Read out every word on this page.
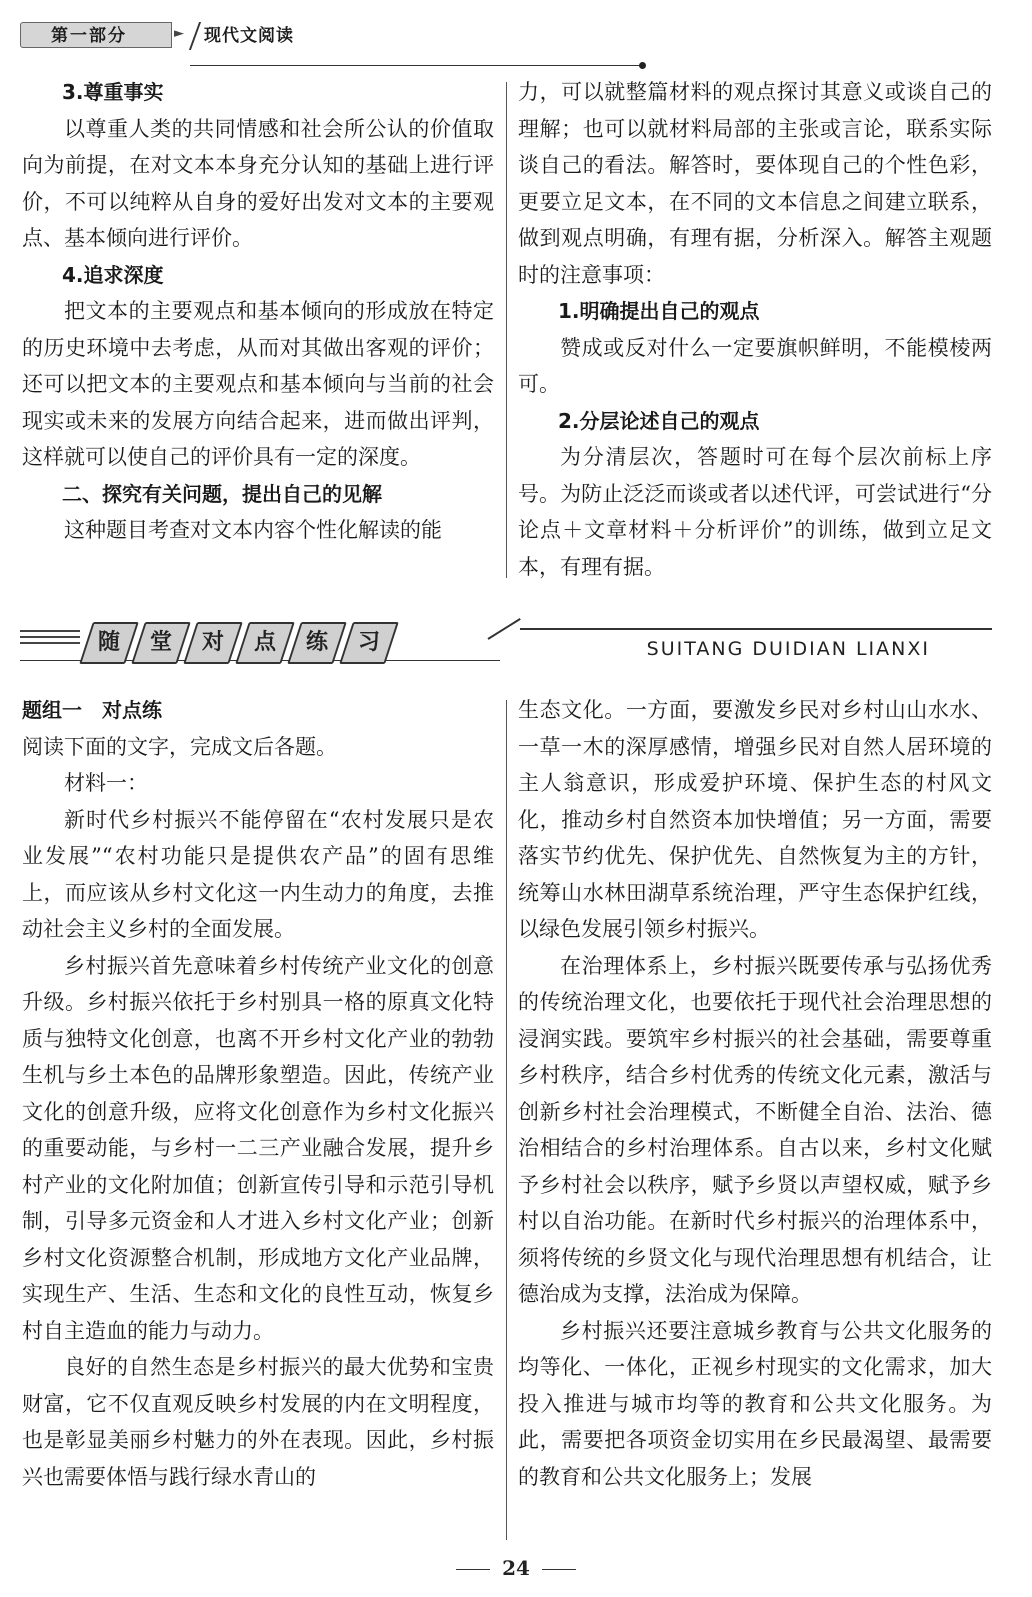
第一部分	► 现代文阅读

3.尊重事实

以尊重人类的共同情感和社会所公认的价值取向为前提，在对文本本身充分认知的基础上进行评价，不可以纯粹从自身的爱好出发对文本的主要观点、基本倾向进行评价。

4.追求深度

把文本的主要观点和基本倾向的形成放在特定的历史环境中去考虑，从而对其做出客观的评价；还可以把文本的主要观点和基本倾向与当前的社会现实或未来的发展方向结合起来，进而做出评判，这样就可以使自己的评价具有一定的深度。

二、探究有关问题，提出自己的见解

这种题目考查对文本内容个性化解读的能

力，可以就整篇材料的观点探讨其意义或谈自己的理解；也可以就材料局部的主张或言论，联系实际谈自己的看法。解答时，要体现自己的个性色彩，更要立足文本，在不同的文本信息之间建立联系，做到观点明确，有理有据，分析深入。解答主观题时的注意事项：

1.明确提出自己的观点

赞成或反对什么一定要旗帜鲜明，不能模棱两可。

2.分层论述自己的观点

为分清层次，答题时可在每个层次前标上序号。为防止泛泛而谈或者以述代评，可尝试进行“分论点＋文章材料＋分析评价”的训练，做到立足文本，有理有据。

随	堂	对	点	练	习	SUITANG DUIDIAN LIANXI

题组一　对点练

阅读下面的文字，完成文后各题。

材料一：

新时代乡村振兴不能停留在“农村发展只是农业发展”“农村功能只是提供农产品”的固有思维上，而应该从乡村文化这一内生动力的角度，去推动社会主义乡村的全面发展。

乡村振兴首先意味着乡村传统产业文化的创意升级。乡村振兴依托于乡村别具一格的原真文化特质与独特文化创意，也离不开乡村文化产业的勃勃生机与乡土本色的品牌形象塑造。因此，传统产业文化的创意升级，应将文化创意作为乡村文化振兴的重要动能，与乡村一二三产业融合发展，提升乡村产业的文化附加值；创新宣传引导和示范引导机制，引导多元资金和人才进入乡村文化产业；创新乡村文化资源整合机制，形成地方文化产业品牌，实现生产、生活、生态和文化的良性互动，恢复乡村自主造血的能力与动力。

良好的自然生态是乡村振兴的最大优势和宝贵财富，它不仅直观反映乡村发展的内在文明程度，也是彰显美丽乡村魅力的外在表现。因此，乡村振兴也需要体悟与践行绿水青山的

生态文化。一方面，要激发乡民对乡村山山水水、一草一木的深厚感情，增强乡民对自然人居环境的主人翁意识，形成爱护环境、保护生态的村风文化，推动乡村自然资本加快增值；另一方面，需要落实节约优先、保护优先、自然恢复为主的方针，统筹山水林田湖草系统治理，严守生态保护红线，以绿色发展引领乡村振兴。

在治理体系上，乡村振兴既要传承与弘扬优秀的传统治理文化，也要依托于现代社会治理思想的浸润实践。要筑牢乡村振兴的社会基础，需要尊重乡村秩序，结合乡村优秀的传统文化元素，激活与创新乡村社会治理模式，不断健全自治、法治、德治相结合的乡村治理体系。自古以来，乡村文化赋予乡村社会以秩序，赋予乡贤以声望权威，赋予乡村以自治功能。在新时代乡村振兴的治理体系中，须将传统的乡贤文化与现代治理思想有机结合，让德治成为支撑，法治成为保障。

乡村振兴还要注意城乡教育与公共文化服务的均等化、一体化，正视乡村现实的文化需求，加大投入推进与城市均等的教育和公共文化服务。为此，需要把各项资金切实用在乡民最渴望、最需要的教育和公共文化服务上；发展

24
